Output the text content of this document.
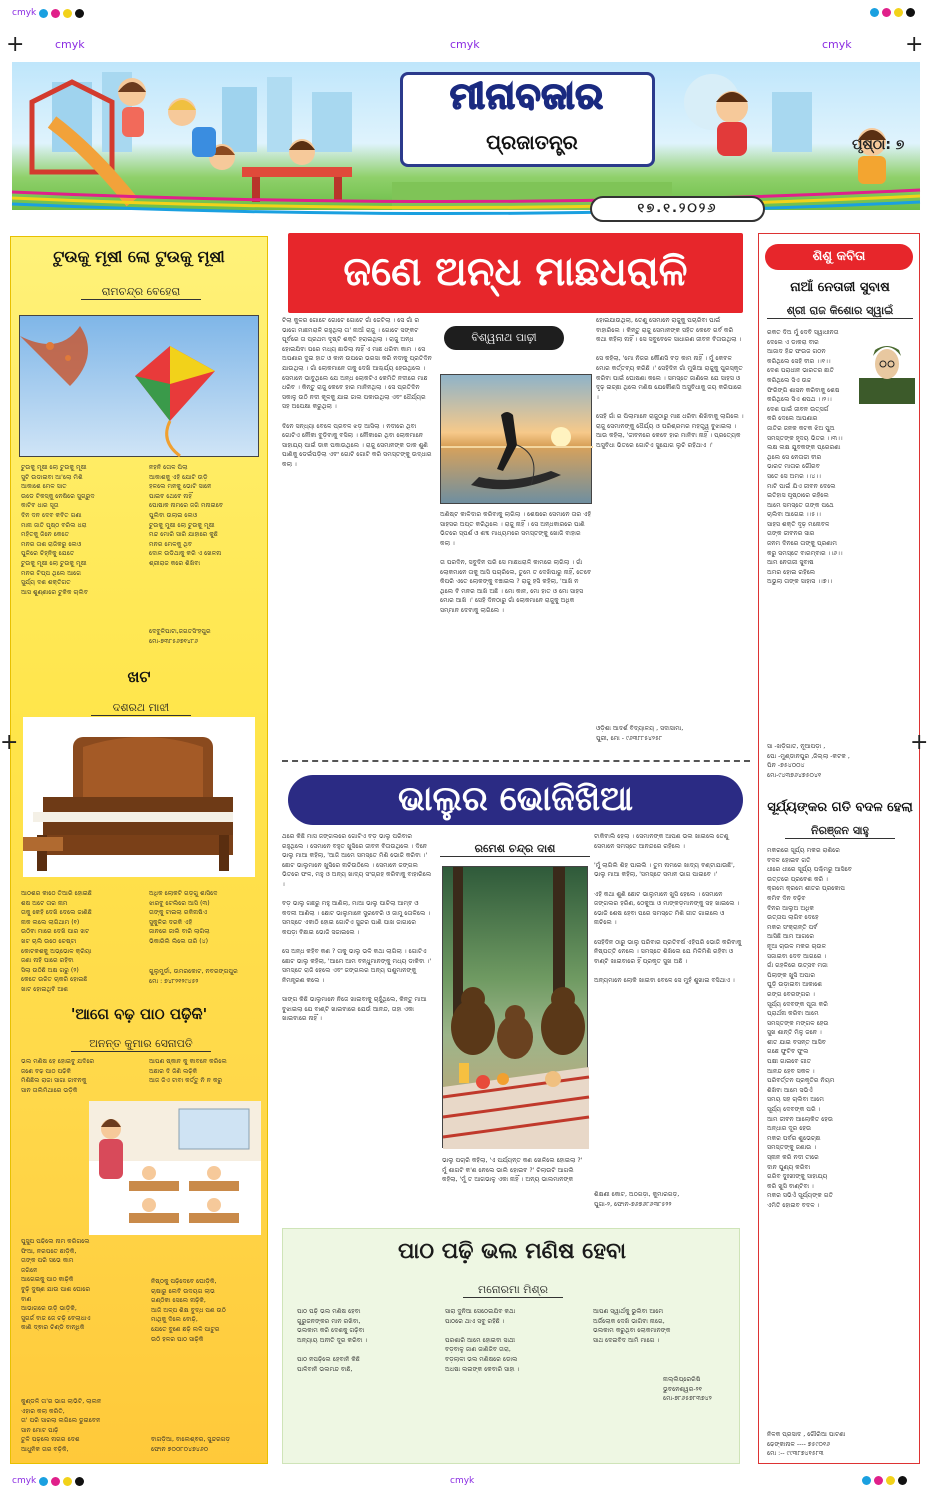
+
cmyk
cmyk	cmyk	cmyk +
ମୀନାବଜାର
ପ୍ରଜାତନ୍ତ୍ର	ପୃଷ୍ଠା: ୭
୧୭.୧.୨୦୨୬
ଟୁଉକୁ ମୂଷୀ ଲୋ ଟୁଉକୁ ମୂଷୀ
ରାମଚନ୍ଦ୍ର ବେହେରା
ଟୁଉକୁ ମୂଷୀ ଲୋ ଟୁଉକୁ ମୂଷୀ
ସୁଟି ଉଡାଇବା ଆ'ଲୋ ମିଶି
ଆକାଶେ ମେଳ ସାତ
ଉଡେ ଟିକସ୍କୁ ନେଷିରେ ସୁଗ୍ରୁଦ
କାଟିବ ଧାର ସୂତା
ଦିନ ଦନ ଦେବ କବିତ ଗଣା
ମାନା ଜାତି ପୃଷ୍ଠ ବରିଲ ଧରା
ମହିତକୁ ଜିନେ କେତେ
ମନର ତାଶ ରାଜିକରୁ ଲେଓ
ପୁଳିରେ ଚିହ୍ନିକୁ ଯେତେ
ଟୁଉକୁ ମୂଷୀ ଲୋ ଟୁଉକୁ ମୂଷୀ
ମନର ଟିପ୍ପ ଥିଲେ ଆଗେ
ସୁର୍ଯ୍ୟ ଦଶ ଶକ୍ତିଗତ
ଆସ ଶୁଣ୍ଣାରେ ଟୁକିକ ଚାଲିବ
ନହନି ତୋଳ ପିଲା
ଆକାଶକୁ ଏହି ଯୋଟି ଉଡ଼ି
ହଳଲେ ମନକୁ ଭୋଟି ସାନେ
ପାଇବ ଥେବେ ନାହିଁ
ପୋଷାକ ନାମରେ ଜଗି ମନାଇବେ
ପୁଲିବା ଉଲାଇ ଲେଓ
ଟୁଉକୁ ମୁଷୀ ଲୋ ଟୁଉକୁ ମୂଷୀ
ମନ୍ଦ ମୋରି ସାରି ଯାହାରେ କୁଛି
ମନର ମେଳକୁ ଥିବ
ଦୋଳ ଉଡିଥାକୁ କରି ଏ ଖେଳନା
ଶ୍ରୀରାଜ କରେ ଶିଖିବା
ଦେବୁଳିପାଟା,ଜଗତସିଂହପୁର
ମୋ-୭୩୮୫୬୭୧୪୮୬
ଖଟ
ଦଶରଥ ମାଝୀ
ଆଠଶର କାଠେ ତିଆରି ହୋଇଛି
ଶଷ ଅଟେ ତାର ନାମ
ତାକୁ କେହି ଦେଖି ଦେଲେ ଜାଣିଛି
ନାକ ଲଲେ ଲାଗିଥାମ (୧)
ଉଠିବା ମାରେ ଦେଖି ପାର ଖଟ
ଖଟ ଚାଲି ଉଠେ ଚେଷ୍ଟା
କୋଟକଶକୁ ଅଭ୍ଭୋଳ କ୍ରିୟା
ଜଣା ନାହି ପାରେ ରହିବା
ସିଲା ଉଠିଛି ଅକ୍ଷ ଗରୁ (୨)
କେତେ ଉଚ୍ଚିତ ଚାକରି ହୋଇଛି
ଖାଟ ହୋଇଥିବି ଆଶ
ଅଧିକ ଲୋକଟି ଗଡ଼ଗୁ ଶାସିଦେ
ଝାରବୁ ଟେଲିରେ ଆସି (୩)
ତାଙ୍କୁ ଟାଇଲା ରକିନାଷିଏ
ସୁକୁଳିର ଦରକି ଏହି
ଜାନରେ ଜାଲି ବାରି ଲାଗିଲା
ଭିକାରିଲି ଲିଲେ ତାରି (୪)
ଗୁଲୁମୁର୍ଡା, ଉମରକୋଟ, ନବରଙ୍ଗପୁର
ମୋ : ୭୪୮୨୧୨୯୪୫୨
'ଆଗେ ବଢ଼ ପାଠ ପଢ଼ିକି'
ଅନନ୍ତ କୁମାର ସେନାପତି
ଭଲ ମଣିଷ ହେ ହୋଇବୁ ଯଦିରେ
ଜଣେ ବଢ ପାଠ ପଢିକି
ମିଶିଛିଲ ରାଜା ସାଗା ଜାବନକୁ
ସାନ ତାଲିମିଥାରେ ଭଡ଼ିକି
ଆପଣ ଷ୍କାନ କୁ କାବନେ କରିଲେ
ଅଛାର ଦି ଜିଣି ଲଢ଼ିକି
ଆଜ ଜିଏ ଟାବା କର୍ତ୍ତୁ ନି ନ କରୁ
ପୁସୁପ ପଢିଲେ ନାମ କରିଗଲେ
ଫିଆ, ନରପତେ ଛାଡ଼ିକି,
ତାଙ୍କ ପରି ସଭେ କାମ
ଜଗିନେ
ଆଗେଇକୁ ପାଠ କାଢ଼ିକି
ବୁଢ଼ି ଦୁଷ୍ଣ ଯାଉ ପାଶ ଘୋରେ
ବାଣ
ଆଭାଗରେ ଉଡ଼ି ଭାଡ଼ିକି,
ସୁଗର୍ଜ ବାଜ ଜେ ଚଢ଼ି ବେଲାଧାଏ
କାଣି ଦ୍ଵାର ଚିଣ୍ଡି ବାନ୍ଧିକି
ନିଷ୍ଠକୁ ପଢ଼ିଦେବେ ଘୋଡ଼ିକି,
ଚାଷାରୁ ଲେବି ଉଦୟଗ ଲାଭ
ଗଣ୍ଠିକା ସେଲେ ନାଢ଼ିକି,
ଆଜି ଅଳ୍ପ ଶିକ୍ଷ ବୁଦ୍ଧ ପଣ ଉଠି
ମାଥିକୁ ଦିଲେ ବୋଢ଼ି,
ଯେତେ ବୁଣେ ଛଢ଼ି ଲଳି ପାଟୁର
ଉଠି ହଳର ପାଠ ସାଢ଼ିକି
କୁଣ୍ଡଳି ତା'ର ଭାଗ ଲାଭିଟି, ଲାଲନ
ଏହାର କଲା କରିତି,
ତା' ପରି ସାରଲା ଲଗିଲେ ଡୁଇବେନ
ସାନ ମୋଟ ପାଢ଼ି
ତୁଳି ପଢ଼ଲେ ନାଗର ଦେଶ
ଆଧୁନିକ ତାର ବଢ଼ିକି,
ବାଗଡ଼ିଆ, ବାଲେଶ୍ଵର, ସୁନ୍ଦରଗଡ଼
ଫୋନ ୭୦୦୮୦୪୭୪୬୦
ଜଣେ ଅନ୍ଧ ମାଛଧରାଳି
ବିଶ୍ୱନାଥ ପାଢ଼ୀ
ଟିଲା କୁଳର ଗୋଟେ ଗୋଟେ ଗୋଟେ ଗାଁ ଜେଟିଲା । ସେ ଗାଁ ର ଭାଗେ ମାଛମରାଳି ରହୁଥିଲା ତା' ନାଆଁ ରାଜୁ । ଗୋଟେ ସଙ୍କଟ ପୂର୍ବରେ ତା ପ୍ରଥମ ଦୃଷ୍ଟି ଶକ୍ତି ହରାଇଥିଲା । ରାଜୁ ଅନ୍ଧ ହୋଇଯିବା ପରେ ମଧ୍ୟ ଛାଡିଲା ନାହିଁ ଏ ମାଛ ଧରିବା କାମ । ସେ ଅପଣାର ଦୁଇ ହାତ ଓ କାନ ଉପରେ ଭରସା କରି ନଦୀକୁ ପ୍ରତିଦିନ ଯାଉଥିଲା । ଗାଁ ଲୋକମାନେ ତାକୁ ଦେଖି ଆଶ୍ଚର୍ଯ୍ୟ ହେଉଥିଲେ । ସେମାନେ ଭାବୁଥିଲେ ଯେ ଅନ୍ଧ ଲୋକଟିଏ କେମିତି ନଦୀରେ ମାଛ ଧରିବ । କିନ୍ତୁ ରାଜୁ କେବେ ହାର ମାନିନଥିଲା । ସେ ପ୍ରତିଦିନ ସକାଳୁ ଉଠି ନଦୀ କୂଳକୁ ଯାଇ ଜାଲ ପକାଉଥିଲା ଏବଂ ଧୈର୍ଯ୍ୟର ସହ ଅପେକ୍ଷା କରୁଥିଲା ।

ଦିନେ ସନ୍ଧ୍ୟା ବେଳେ ପ୍ରବଳ ଝଡ଼ ଆସିଲା । ନଦୀରେ ଥିବା ଗୋଟିଏ ନୌକା ବୁଡ଼ିବାକୁ ବସିଲା । ନୌକାରେ ଥିବା ଲୋକମାନେ ସାହାଯ୍ୟ ପାଇଁ ଡାକ ପକାଉଥିଲେ । ରାଜୁ ସେମାନଙ୍କ ଡାକ ଶୁଣି ପାଣିକୁ ଡେଇଁପଡ଼ିଲା ଏବଂ ଗୋଟି ଗୋଟି କରି ସମସ୍ତଙ୍କୁ ଉଦ୍ଧାର କଲା ।
ଅଣିଷ୍ଟ କାଳିଦାର କରିବାକୁ ଲାଗିଲା । ଶେଷରେ ସେମାନେ ତାର ଏହି ସାହସର ଅପ୍ତ କରିଥିଲେ । ରାଜୁ ନାହିଁ । ସେ ଅନ୍ଧକାରରେ ପାଣି ଭିତରେ ସ୍ପର୍ଶ ଓ ଶବ୍ଦ ମାଧ୍ୟମରେ ସମସ୍ତଙ୍କୁ ଖୋଜି ବାହାର କଲା ।

ତା ପରଦିନ, ସବୁଦିନ ପରି ସେ ମାଛଧରାଳି କାମରେ ଲାଗିଲା । ଗାଁ ଲୋକମାନେ ତାକୁ ଆସି ପଚାରିଲେ, ତୁମେ ତ ଦେଖିପାରୁ ନାହିଁ, ତେବେ କିପରି ଏତେ ଲୋକଙ୍କୁ ବଞ୍ଚାଇଲ ? ରାଜୁ ହସି କହିଲା, 'ଆଖି ନ ଥିଲେ ବି ମନର ଆଖି ଅଛି । ମୋ କାନ, ମୋ ହାତ ଓ ମୋ ସାହସ ମୋର ଆଖି ।' ସେହି ଦିନଠାରୁ ଗାଁ ଲୋକମାନେ ରାଜୁକୁ ଅଧିକ ସମ୍ମାନ ଦେବାକୁ ଲାଗିଲେ ।
ହୋଇଯାଉଥିଲା, ତେଣୁ ସେମାନେ ରାଜୁକୁ ପଚାରିବା ପାଇଁ ବାହାରିଲେ । କିନ୍ତୁ ରାଜୁ ସେମାନଙ୍କ ସହିତ କେବେ ଗର୍ବ କରି କଥା କହିଲା ନାହିଁ । ସେ ସବୁବେଳେ ସାଧାରଣ ଜୀବନ ବିତାଉଥିଲା ।

ସେ କହିଲା, 'ମୋ ନିଜର କୌଣସି ବଡ଼ କାମ ନାହିଁ । ମୁଁ କେବଳ ମୋର କର୍ତ୍ତବ୍ୟ କରିଛି ।' ସେହିଦିନ ଗାଁ ମୁଖିଆ ରାଜୁକୁ ପୁରସ୍କୃତ କରିବା ପାଇଁ ଘୋଷଣା କଲେ । ସମସ୍ତେ ଜାଣିଲେ ଯେ ସାହସ ଓ ଦୃଢ଼ ଇଚ୍ଛା ଥିଲେ ମଣିଷ ଯେକୌଣସି ଅସୁବିଧାକୁ ଜୟ କରିପାରେ ।

ସେହି ଗାଁ ର ପିଲାମାନେ ରାଜୁଠାରୁ ମାଛ ଧରିବା ଶିଖିବାକୁ ଲାଗିଲେ । ରାଜୁ ସେମାନଙ୍କୁ ଧୈର୍ଯ୍ୟ ଓ ପରିଶ୍ରମର ମହତ୍ତ୍ୱ ବୁଝାଇଲା । ଆଉ କହିଲା, 'ଜୀବନରେ କେବେ ହାର ମାନିବା ନାହିଁ । ପ୍ରତ୍ୟେକ ଅସୁବିଧା ଭିତରେ ଗୋଟିଏ ସୁଯୋଗ ଲୁଚି ରହିଥାଏ ।'
ଓଡ଼ିଶା ଆଦର୍ଶ ବିଦ୍ୟାଳୟ , ସଦାସାମା,
ପୁରୀ, ମୋ - ୯୬୩୮୮୫୪୨୫୮
ଭାଲୁର ଭୋଜିଖିଆ
ରମେଶ ଚନ୍ଦ୍ର ଦାଶ
ଥରେ କିଛି ମାସ ଜଙ୍ଗଲରେ ଗୋଟିଏ ବଡ଼ ଭାଲୁ ପରିବାର ରହୁଥିଲେ । ସେମାନେ ବହୁତ ଖୁସିରେ ଜୀବନ ବିତାଉଥିଲେ । ଦିନେ ଭାଲୁ ମାଆ କହିଲା, 'ଆଜି ଆମେ ସମସ୍ତେ ମିଶି ଭୋଜି କରିବା ।' ଛୋଟ ଭାଲୁମାନେ ଖୁସିରେ ନାଚିଉଠିଲେ । ସେମାନେ ଜଙ୍ଗଲ ଭିତରେ ଫଳ, ମହୁ ଓ ଅନ୍ୟ ଖାଦ୍ୟ ସଂଗ୍ରହ କରିବାକୁ ବାହାରିଲେ ।

ବଡ଼ ଭାଲୁ ଗଛରୁ ମହୁ ଆଣିଲା, ମାଆ ଭାଲୁ ପାଚିଲା ଆମ୍ବ ଓ କଦଳୀ ଆଣିଲା । ଛୋଟ ଭାଲୁମାନେ ସ୍ଟ୍ରବେରି ଓ ଜାମୁ ତୋଳିଲେ । ସମସ୍ତେ ଏକାଠି ହୋଇ ଗୋଟିଏ ସୁନ୍ଦର ପାଣି ପାଖ ଜାଗାରେ କପଡ଼ା ବିଛାଇ ଭୋଜି ସଜାଇଲେ ।

ସେ ଅନ୍ଧ କହିବ କଣ ? ତାକୁ ଭାଲୁ ଭଳି କଥା ଲାଗିଲା । ଗୋଟିଏ ଛୋଟ ଭାଲୁ କହିଲା, 'ଆମେ ଆମ ବନ୍ଧୁମାନଙ୍କୁ ମଧ୍ୟ ଡାକିବା ।' ସମସ୍ତେ ରାଜି ହେଲେ ଏବଂ ଜଙ୍ଗଲର ଅନ୍ୟ ପଶୁମାନଙ୍କୁ ନିମନ୍ତ୍ରଣ କଲେ ।

ସାଙ୍ଗ କିଛି ଭାଲୁମାନେ ନିଜେ ଖାଇବାକୁ ଚାହୁଁଥିଲେ, କିନ୍ତୁ ମାଆ ବୁଝାଇଲା ଯେ ବାଣ୍ଟି ଖାଇବାରେ ଯେଉଁ ଆନନ୍ଦ, ତାହା ଏକା ଖାଇବାରେ ନାହିଁ ।
ଭାଲୁ ପଚାରି କହିଲା, 'ଏ ପର୍ଯ୍ୟନ୍ତ କଣ ଖେଳିଲେ ହୋଇଲା ?' ମୁଁ ଶାଗଟି କ'ଣ ନେଲେ ଭାଲି ହୋଇବ ?' ଚିଲାଉଟି ଆଗଲି କହିଲା, 'ମୁଁ ତ ଆଗଭାଳୁ ଏକା ନାହିଁ । ଅନ୍ୟ ଭାଲମାନଙ୍କ
ଟାକିବାଲି ହେଲା । ସେମାନଙ୍କ ଆପଣ ଭଲ ଖାଇଲେ ତେଣୁ ସେମାନେ ସମସ୍ତେ ଆନନ୍ଦରେ ରହିଲେ ।

'ମୁଁ ଲାଗିଲି ଶିହ ପାଇଲି । ତୁମ ନାମରେ ଖାଦ୍ୟ ବଣ୍ଟାଯାଉଛି', ଭାଲୁ ମାଆ କହିଲା, 'ସମସ୍ତେ ସମାନ ଭାଗ ପାଇବେ ।'

ଏହି କଥା ଶୁଣି ଛୋଟ ଭାଲୁମାନେ ଖୁସି ହେଲେ । ସେମାନେ ଜଙ୍ଗଲର ହରିଣ, ଠେକୁଆ ଓ ମାଙ୍କଡ଼ମାନଙ୍କୁ ସହ ଖାଇଲେ । ଭୋଜି ଶେଷ ହେବା ପରେ ସମସ୍ତେ ମିଶି ଗୀତ ଗାଇଲେ ଓ ନାଚିଲେ ।

ସେହିଦିନ ଠାରୁ ଭାଲୁ ପରିବାର ପ୍ରତିବର୍ଷ ଏହିପରି ଭୋଜି କରିବାକୁ ନିଷ୍ପତ୍ତି ନେଲେ । ସମସ୍ତେ ଶିଖିଲେ ଯେ ମିଳିମିଶି ରହିବା ଓ ବାଣ୍ଟି ଖାଇବାରେ ହିଁ ପ୍ରକୃତ ସୁଖ ଅଛି ।

ଅନ୍ୟମାନେ ଲୋକି ଖାଇବା ବେଳେ ସେ ମୁହଁ ଶୁଖାଇ ବସିଥାଏ ।
ଶିକ୍ଷଣୀ କୋଟ, ଅଠଗଡ଼ା, କୁମାରଗଡ଼,
ପୁଗା-୨, ଫୋନ-୭୬୭୬୮୬୩୮୫୨୨
ପାଠ ପଢ଼ି ଭଲ ମଣିଷ ହେବା
ମନୋରମା ମିଶ୍ର
ପାଠ ପଢ଼ି ଭଲ ମଣିଷ ହେବା
ଗୁରୁଜନଙ୍କର ମାନ ରଖିବା,
ଭଲକାମ କରି ଦେଶକୁ ଗଢ଼ିବା
ଅନ୍ୟାୟ ଅନୀତି ଦୂର କରିବା ।

ପାଠ ନପଢ଼ିଲେ ହେବାନି କିଛି
ପାଳିବାନି ଭଲମନ୍ଦ ବାଛି,
ସାରା ଦୁନିଆ ସେଠେଇଯିବ କଥା
ପାଠରେ ଥାଏ ସବୁ ରହିଛି ।

ପରଶାରି ଆମେ ହୋଇବା ସାଥୀ
ବଡ଼ବାଳୁ ଜାଣ ଜାଣିଜିବ ତାରା,
ବଡ଼ଲାଳୀ ଭଲ ମଣିଷରେ ଡୋଲ
ଅଧଷା ଲଇଙ୍କ କେବାରି ସାହା ।
ଆପଣ ସ୍ୱାର୍ଥକୁ ଭୁଲିବା ଆମେ
ଅର୍ଜିଲୋକ ଦେଖି ଭାଗିବା ନାଗେ,
ଭଲକାମ କରୁଥିବା ଲୋକମାନଙ୍କ
ସାଥ ଦେଇବିଦ ଆମି ମାଗେ ।
ନାଲ୍ଲିପ୍ରେରିଷି
ଭୁବନେଶ୍ୱର-୨୧
ମୋ-୭୮୬୫୭୮୩୭୪୨
ଶିଶୁ କବିତା
ନାଆଁ ନେତାଜୀ ସୁବାଷ
ଶ୍ରୀ ରାଜ କିଶୋର ସ୍ୱାଇଁ
ରକତ ଦିଅ ମୁଁ ଦେବି ସ୍ୱାଧୀନତା
ଦେଲେ ଏ ଡାକରା ବୀର
ଆଜାଦ ହିନ୍ଦ ଫଉଜ ଗଠନ
କରିଥିଲେ ସେହି ବୀର ।।୧।।
ଦେଶ ପରାଧୀନ ଭାରତର ଛାତି
କରିଥିଲେ ସିଏ ଉଚ୍ଚ
ଫିରିଙ୍ଗି ଶାସନ କରିବାକୁ ଶେଷ
କରିଥିଲେ ସିଏ ଶପଥ ।।୨।।
ଦେଶ ପାଇଁ ଜୀବନ ଉତ୍ସର୍ଗ
କରି ଦେଲେ ଆପଣାର
ଜାତିର ଜନକ କଟକ ଝିଅ ପୁଅ
ସମସ୍ତଙ୍କ ହୃଦୟ ଭିତର ।।୩।।
ଲକ୍ଷ ଲକ୍ଷ ଯୁବକଙ୍କ ପ୍ରେରଣା
ଥିଲେ ସେ ନେତାଜୀ ବୀର
ଭାରତ ମାତାର ଗୌରବ
ସତେ ସେ ଅମର ।।୪।।
ମାଟି ପାଇଁ ଯିଏ ଜୀବନ ଦେଲେ
ଇତିହାସ ପୃଷ୍ଠାରେ ରହିଲେ
ଆମେ ସମସ୍ତେ ତାଙ୍କ ପଥେ
ଚାଲିବା ଆଗେଇ ।।୫।।
ସାହସ ଶକ୍ତି ଦୃଢ଼ ମନୋବଳ
ତାଙ୍କ ଜୀବନର ସାର
ଜନମ ଦିନରେ ତାଙ୍କୁ ପ୍ରଣାମ
କରୁ ସମସ୍ତେ ବାରମ୍ବାର ।।୬।।
ଆମ ନେତାଜୀ ସୁବାଷ
ଅମର ହୋଇ ରହିଲେ
ଅଭୁଲା ତାଙ୍କ ସାହାସ ।।୭।।
ସା -ଖଡ଼ିଗାତ, ନୂଆପଡ଼ା ,
ପୋ -ମୁଣ୍ଡାନପୁର ,ଜିଲ୍ଲା -କଟକ ,
ପିନ -୭୫୪୦୦୪
ମୋ-୯୪୩୭୬୪୭୫୦୪୧
ସୂର୍ଯ୍ୟଙ୍କର ଗତି ବଦଳ ହେଲା
ନିରଞ୍ଜନ ସାହୁ
ମକରରେ ସୂର୍ଯ୍ୟ ମକର ରାଶିରେ
ବଦଳ ହୋଇବ ଗତି
ଧୀରେ ଧୀରେ ସୂର୍ଯ୍ୟ ପଶ୍ଚିମରୁ ଆସିବେ
ଉତ୍ତରେ ପ୍ରବେଶ କରି ।
କ୍ରମେ କ୍ରମେ ଶୀତର ପ୍ରକୋପ
କମିବ ଦିନ ବଢ଼ିବ
ଦିନର ଆଲୁଅ ଅଧିକ
ଉତ୍ତାପ ଲାଗିବ ଦେହେ
ମକର ସଂକ୍ରାନ୍ତି ପର୍ବ
ଆସିଛି ଆମ ଆଗରେ
ନୂଆ ଚାଉଳ ମକର ଚାଉଳ
ସଜାଇବା ଦେବ ଆଗରେ ।
ଗାଁ ଗହଳିରେ ଉତ୍ସବ ମଜା
ପିଲାଙ୍କ ଖୁସି ଅପାର
ଘୁଡ଼ି ଉଡ଼ାଇବା ଆକାଶେ
ରଙ୍ଗ ବେରଙ୍ଗର ।
ସୂର୍ଯ୍ୟ ଦେବଙ୍କ ପୂଜା କରି
ପ୍ରାର୍ଥନା କରିବା ଆମେ
ସମସ୍ତଙ୍କ ମଙ୍ଗଳ ହେଉ
ସୁଖ ଶାନ୍ତି ମିଳୁ ଜନେ ।
ଶୀତ ଯାଇ ବସନ୍ତ ଆସିବ
ଗଛେ ଫୁଟିବ ଫୁଲ
ପକ୍ଷୀ ଗାଇବେ ଗୀତ
ଆନନ୍ଦ ହେବ ସକଳ ।
ପରିବର୍ତ୍ତନ ପ୍ରକୃତିର ନିୟମ
ଶିଖିବା ଆମେ ସଭିଏଁ
ସମୟ ସହ ଚାଲିବା ଆମେ
ସୂର୍ଯ୍ୟ ଦେବଙ୍କ ପରି ।
ଆମ ଜୀବନ ଆଲୋକିତ ହେଉ
ଅନ୍ଧାର ଦୂର ହେଉ
ମକର ପର୍ବର ଶୁଭେଚ୍ଛା
ସମସ୍ତଙ୍କୁ ଜଣାଉ ।
ସ୍ନାନ କରି ନଦୀ ତୀରେ
ଦାନ ପୁଣ୍ୟ କରିବା
ଗରିବ ଦୁଃଖୀଙ୍କୁ ସାହାଯ୍ୟ
କରି ଖୁସି ବାଣ୍ଟିବା ।
ମକର ସଭିଏଁ ସୂର୍ଯ୍ୟଙ୍କ ଗତି
ଏମିତି ହୋଇବ ବଦଳ ।
ନିଳକ ପ୍ରସାଦ , ଗୌରିଆ ପାଟଣା
ଢେଙ୍କାନାଳ ---- ୭୫୯୦୧୬
ମୋ :-- ୯୯୩୮୭୪୧୫୮୩
+	+
cmyk	cmyk
